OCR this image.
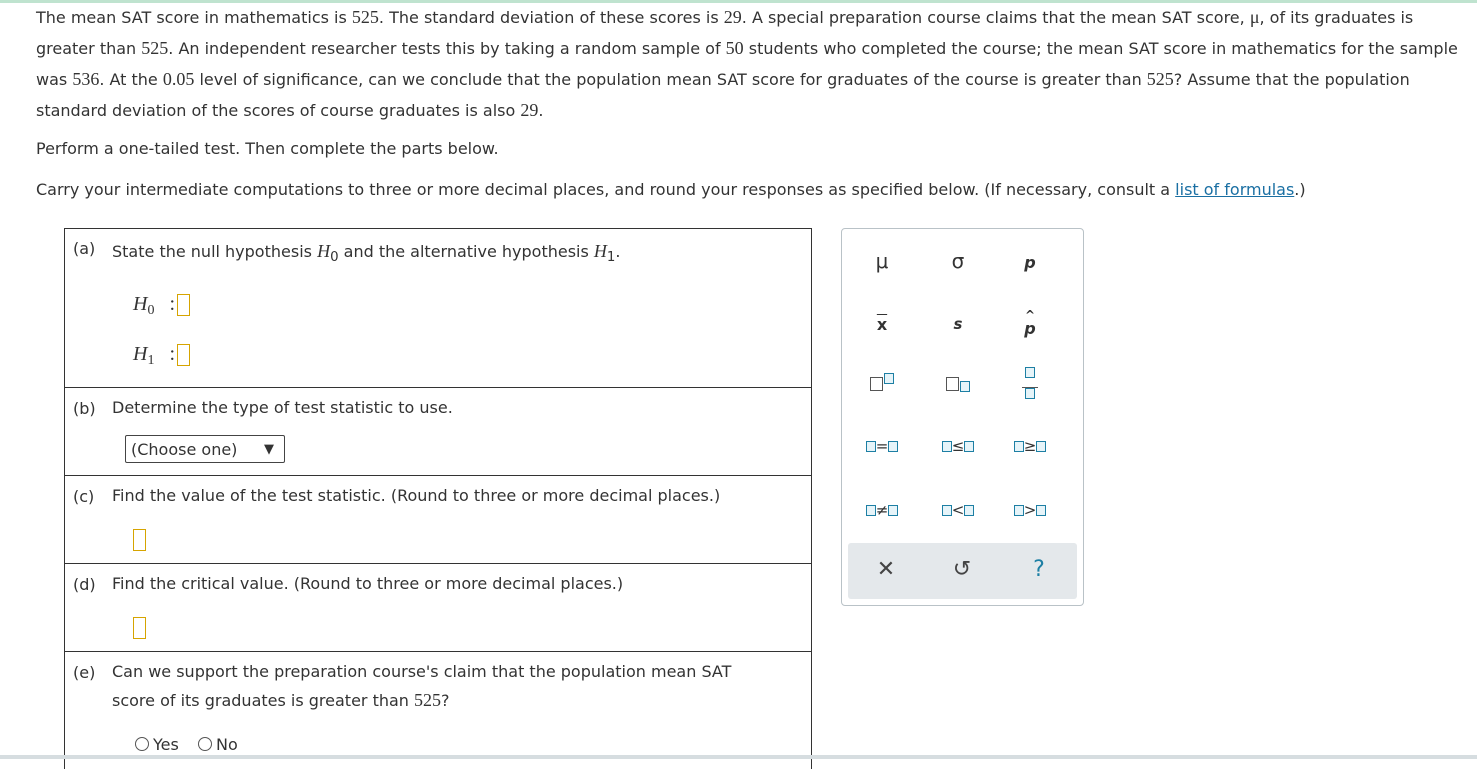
The mean SAT score in mathematics is 525. The standard deviation of these scores is 29. A special preparation course claims that the mean SAT score, μ, of its graduates is greater than 525. An independent researcher tests this by taking a random sample of 50 students who completed the course; the mean SAT score in mathematics for the sample was 536. At the 0.05 level of significance, can we conclude that the population mean SAT score for graduates of the course is greater than 525? Assume that the population standard deviation of the scores of course graduates is also 29.

Perform a one-tailed test. Then complete the parts below.
Carry your intermediate computations to three or more decimal places, and round your responses as specified below. (If necessary, consult a list of formulas.)
(a) State the null hypothesis $H_0$ and the alternative hypothesis $H_1$.
$H_0$ :
$H_1$ :
(b) Determine the type of test statistic to use.
(Choose one) ▼
(c) Find the value of the test statistic. (Round to three or more decimal places.)
(d) Find the critical value. (Round to three or more decimal places.)
(e) Can we support the preparation course's claim that the population mean SAT
score of its graduates is greater than 525?
Yes	No
μ	σ	p
$\overline{x}$	s	^
p

=	≤	≥
≠	<	>
✕	↺	?
